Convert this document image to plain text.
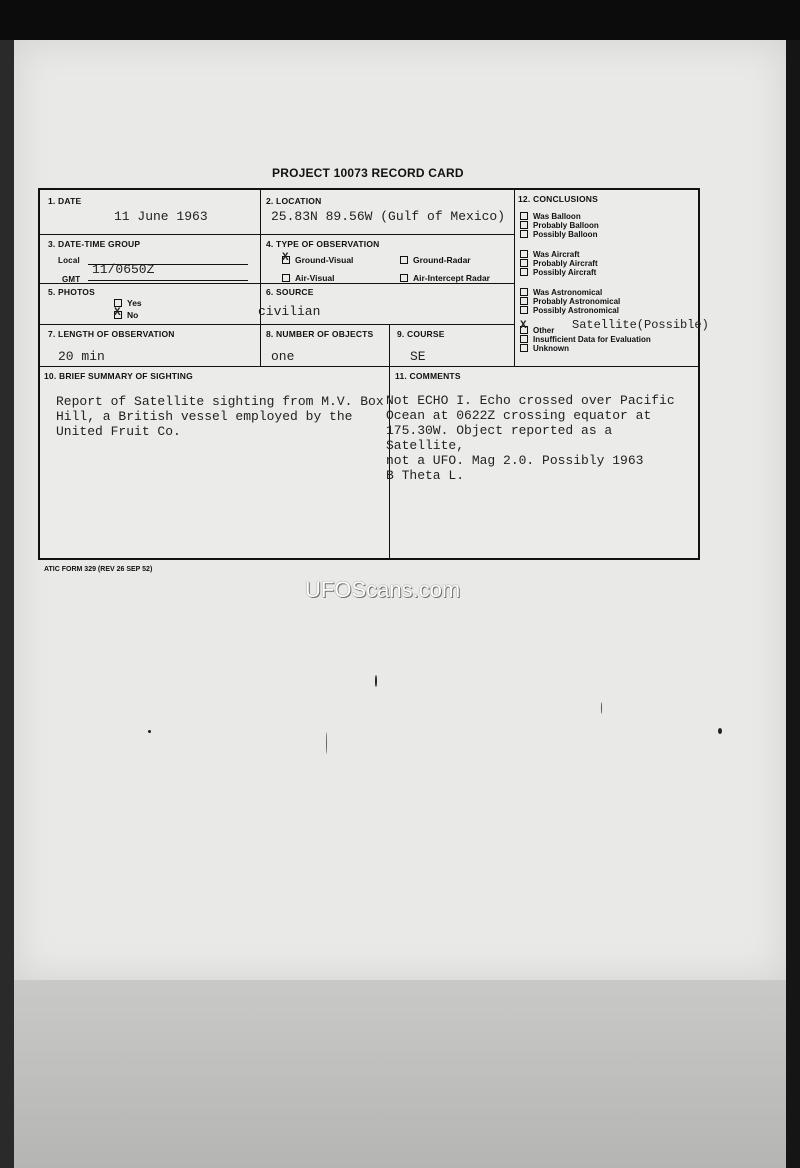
PROJECT 10073 RECORD CARD
1. DATE
11 June 1963
2. LOCATION
25.83N 89.56W (Gulf of Mexico)
3. DATE-TIME GROUP
Local
GMT
11/0650Z
4. TYPE OF OBSERVATION
XGround-Visual	Ground-Radar
Air-Visual	Air-Intercept Radar
5. PHOTOS
Yes
XNo
6. SOURCE
civilian
7. LENGTH OF OBSERVATION
20 min
8. NUMBER OF OBJECTS
one
9. COURSE
SE
10. BRIEF SUMMARY OF SIGHTING
Report of Satellite sighting from M.V. Box
Hill, a British vessel employed by the
United Fruit Co.
11. COMMENTS
Not ECHO I. Echo crossed over Pacific
Ocean at 0622Z crossing equator at
175.30W. Object reported as a Satellite,
not a UFO. Mag 2.0. Possibly 1963
B Theta L.
12. CONCLUSIONS
Was Balloon
Probably Balloon
Possibly Balloon
Was Aircraft
Probably Aircraft
Possibly Aircraft
Was Astronomical
Probably Astronomical
Possibly Astronomical
XOther Satellite(Possible)
Insufficient Data for Evaluation
Unknown
ATIC FORM 329 (REV 26 SEP 52)
UFOScans.com
